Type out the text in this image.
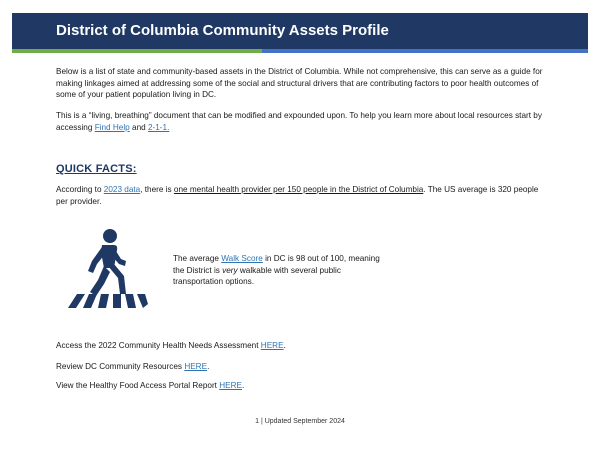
District of Columbia Community Assets Profile
Below is a list of state and community-based assets in the District of Columbia. While not comprehensive, this can serve as a guide for making linkages aimed at addressing some of the social and structural drivers that are contributing factors to poor health outcomes of some of your patient population living in DC.
This is a “living, breathing” document that can be modified and expounded upon. To help you learn more about local resources start by accessing Find Help and 2-1-1.
QUICK FACTS:
According to 2023 data, there is one mental health provider per 150 people in the District of Columbia. The US average is 320 people per provider.
The average Walk Score in DC is 98 out of 100, meaning the District is very walkable with several public transportation options.
Access the 2022 Community Health Needs Assessment HERE.
Review DC Community Resources HERE.
View the Healthy Food Access Portal Report HERE.
1 | Updated September 2024
